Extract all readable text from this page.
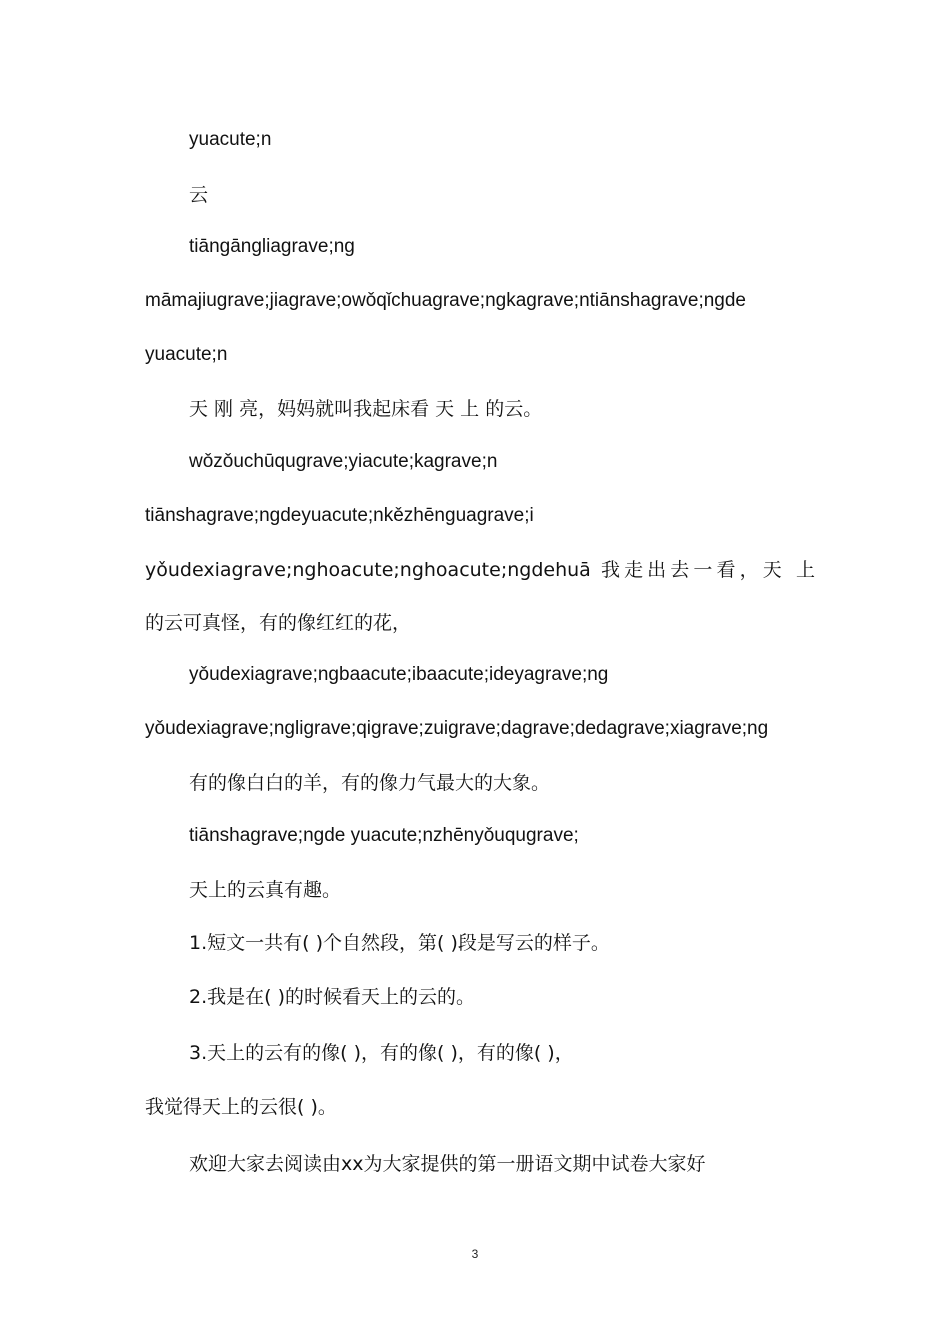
yuacute;n
云
tiāngāngliagrave;ng
māmajiugrave;jiagrave;owǒqǐchuagrave;ngkagrave;ntiānshagrave;ngde
yuacute;n
天 刚 亮，妈妈就叫我起床看 天 上 的云。
wǒzǒuchūqugrave;yiacute;kagrave;n
tiānshagrave;ngdeyuacute;nkězhēnguagrave;i
yǒudexiagrave;nghoacute;nghoacute;ngdehuā 我走出去一看，天 上
的云可真怪，有的像红红的花，
yǒudexiagrave;ngbaacute;ibaacute;ideyagrave;ng
yǒudexiagrave;ngligrave;qigrave;zuigrave;dagrave;dedagrave;xiagrave;ng
有的像白白的羊，有的像力气最大的大象。
tiānshagrave;ngde yuacute;nzhēnyǒuqugrave;
天上的云真有趣。
1.短文一共有( )个自然段，第( )段是写云的样子。
2.我是在( )的时候看天上的云的。
3.天上的云有的像( )，有的像( )，有的像( )，
我觉得天上的云很( )。
欢迎大家去阅读由xx为大家提供的第一册语文期中试卷大家好
3
